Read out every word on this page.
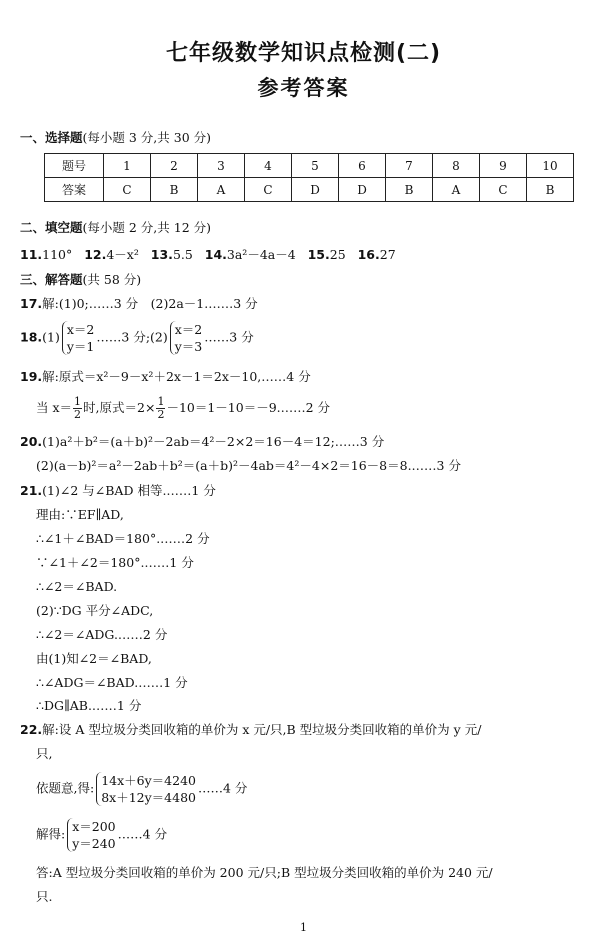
七年级数学知识点检测(二)
参考答案
一、选择题(每小题 3 分,共 30 分)
题号	1	2	3	4	5	6	7	8	9	10
答案	C	B	A	C	D	D	B	A	C	B
二、填空题(每小题 2 分,共 12 分)
11.110° 12.4－x² 13.5.5 14.3a²－4a－4 15.25 16.27
三、解答题(共 58 分)
17.解:(1)0;……3 分　(2)2a－1.……3 分
18.(1) x＝2
y＝1
……3 分;(2) x＝2
y＝3
……3 分
19.解:原式＝x²－9－x²＋2x－1＝2x－10,……4 分
当 $x= \frac{1}{2}$ 时,原式$=2\times \frac{1}{2}$ －10＝1－10＝－9.……2 分
20.(1)a²＋b²＝(a＋b)²－2ab＝4²－2×2＝16－4＝12;……3 分
(2)(a－b)²＝a²－2ab＋b²＝(a＋b)²－4ab＝4²－4×2＝16－8＝8.……3 分
21.(1)∠2 与∠BAD 相等.……1 分
理由:∵EF∥AD,
∴∠1＋∠BAD＝180°.……2 分
∵∠1＋∠2＝180°.……1 分
∴∠2＝∠BAD.
(2)∵DG 平分∠ADC,
∴∠2＝∠ADG.……2 分
由(1)知∠2＝∠BAD,
∴∠ADG＝∠BAD.……1 分
∴DG∥AB.……1 分
22.解:设 A 型垃圾分类回收箱的单价为 x 元/只,B 型垃圾分类回收箱的单价为 y 元/
只,
依题意,得: 14x＋6y＝4240
8x＋12y＝4480
……4 分
解得: x＝200
y＝240
……4 分
答:A 型垃圾分类回收箱的单价为 200 元/只;B 型垃圾分类回收箱的单价为 240 元/
只.
1
